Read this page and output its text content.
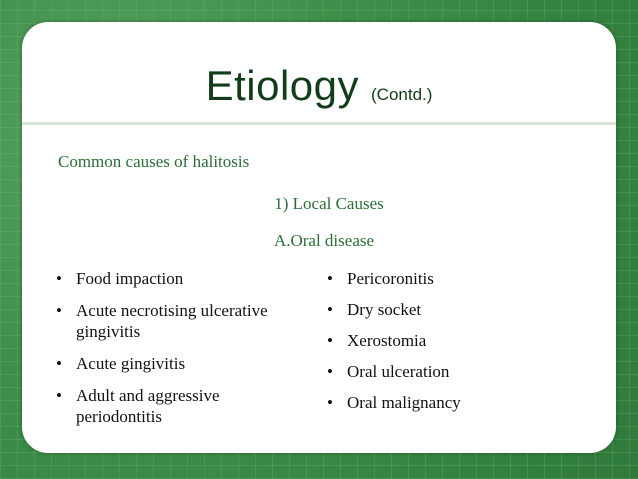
Etiology (Contd.)
Common causes of halitosis
1) Local Causes
A.Oral disease
• Food impaction
• Acute necrotising ulcerative gingivitis
• Acute gingivitis
• Adult and aggressive periodontitis
• Pericoronitis
• Dry socket
• Xerostomia
• Oral ulceration
• Oral malignancy
